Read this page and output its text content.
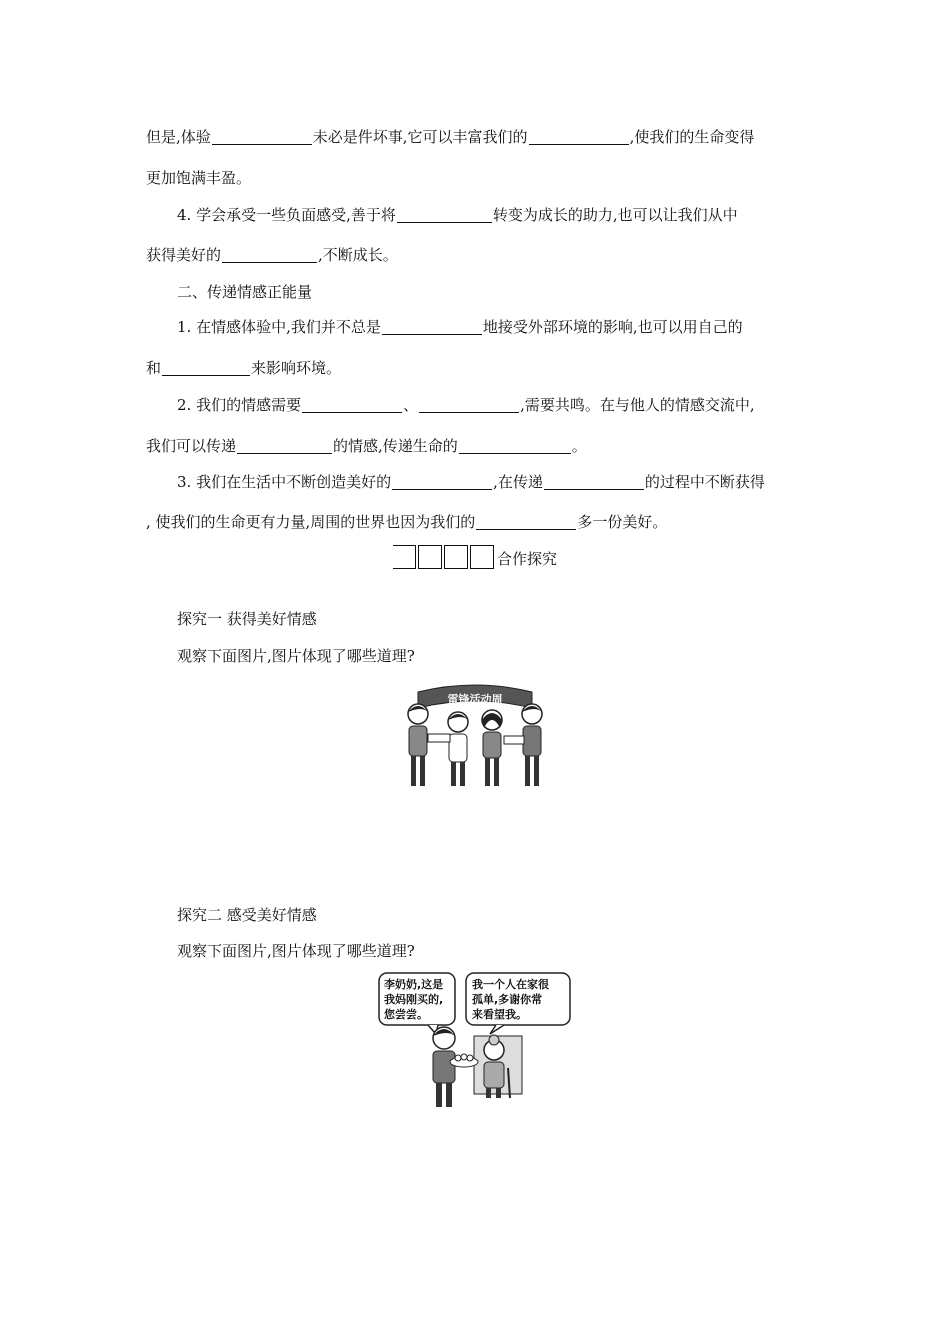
但是,体验	未必是件坏事,它可以丰富我们的	,使我们的生命变得
更加饱满丰盈。
4. 学会承受一些负面感受,善于将	转变为成长的助力,也可以让我们从中
获得美好的	,不断成长。
二、传递情感正能量
1. 在情感体验中,我们并不总是	地接受外部环境的影响,也可以用自己的
和	来影响环境。
2. 我们的情感需要	、	,需要共鸣。在与他人的情感交流中,
我们可以传递	的情感,传递生命的	。
3. 我们在生活中不断创造美好的	,在传递	的过程中不断获得
, 使我们的生命更有力量,周围的世界也因为我们的	多一份美好。
合作探究
探究一 获得美好情感
观察下面图片,图片体现了哪些道理?
雷锋活动周
探究二 感受美好情感
观察下面图片,图片体现了哪些道理?
李奶奶,这是
我妈刚买的,
您尝尝。
我一个人在家很
孤单,多谢你常
来看望我。
